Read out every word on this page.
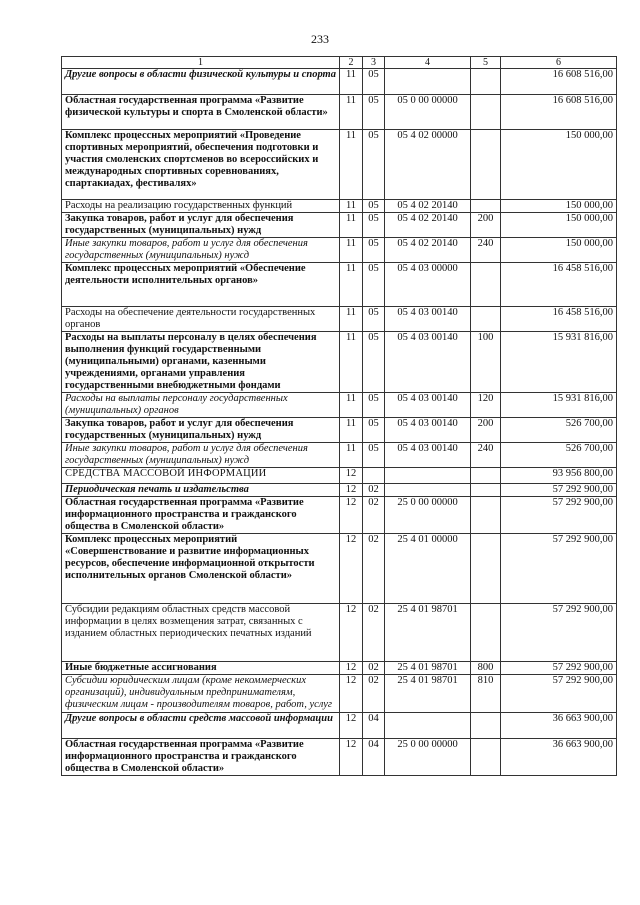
233
1	2	3	4	5	6
Другие вопросы в области физической культуры и спорта	11	05			16 608 516,00
Областная государственная программа «Развитие физической культуры и спорта в Смоленской области»	11	05	05 0 00 00000		16 608 516,00
Комплекс процессных мероприятий «Проведение спортивных мероприятий, обеспечения подготовки и участия смоленских спортсменов во всероссийских и международных спортивных соревнованиях, спартакиадах, фестивалях»	11	05	05 4 02 00000		150 000,00
Расходы на реализацию государственных функций	11	05	05 4 02 20140		150 000,00
Закупка товаров, работ и услуг для обеспечения государственных (муниципальных) нужд	11	05	05 4 02 20140	200	150 000,00
Иные закупки товаров, работ и услуг для обеспечения государственных (муниципальных) нужд	11	05	05 4 02 20140	240	150 000,00
Комплекс процессных мероприятий «Обеспечение деятельности исполнительных органов»	11	05	05 4 03 00000		16 458 516,00
Расходы на обеспечение деятельности государственных органов	11	05	05 4 03 00140		16 458 516,00
Расходы на выплаты персоналу в целях обеспечения выполнения функций государственными (муниципальными) органами, казенными учреждениями, органами управления государственными внебюджетными фондами	11	05	05 4 03 00140	100	15 931 816,00
Расходы на выплаты персоналу государственных (муниципальных) органов	11	05	05 4 03 00140	120	15 931 816,00
Закупка товаров, работ и услуг для обеспечения государственных (муниципальных) нужд	11	05	05 4 03 00140	200	526 700,00
Иные закупки товаров, работ и услуг для обеспечения государственных (муниципальных) нужд	11	05	05 4 03 00140	240	526 700,00
СРЕДСТВА МАССОВОЙ ИНФОРМАЦИИ	12				93 956 800,00
Периодическая печать и издательства	12	02			57 292 900,00
Областная государственная программа «Развитие информационного пространства и гражданского общества в Смоленской области»	12	02	25 0 00 00000		57 292 900,00
Комплекс процессных мероприятий «Совершенствование и развитие информационных ресурсов, обеспечение информационной открытости исполнительных органов Смоленской области»	12	02	25 4 01 00000		57 292 900,00
Субсидии редакциям областных средств массовой информации в целях возмещения затрат, связанных с изданием областных периодических печатных изданий	12	02	25 4 01 98701		57 292 900,00
Иные бюджетные ассигнования	12	02	25 4 01 98701	800	57 292 900,00
Субсидии юридическим лицам (кроме некоммерческих организаций), индивидуальным предпринимателям, физическим лицам - производителям товаров, работ, услуг	12	02	25 4 01 98701	810	57 292 900,00
Другие вопросы в области средств массовой информации	12	04			36 663 900,00
Областная государственная программа «Развитие информационного пространства и гражданского общества в Смоленской области»	12	04	25 0 00 00000		36 663 900,00
